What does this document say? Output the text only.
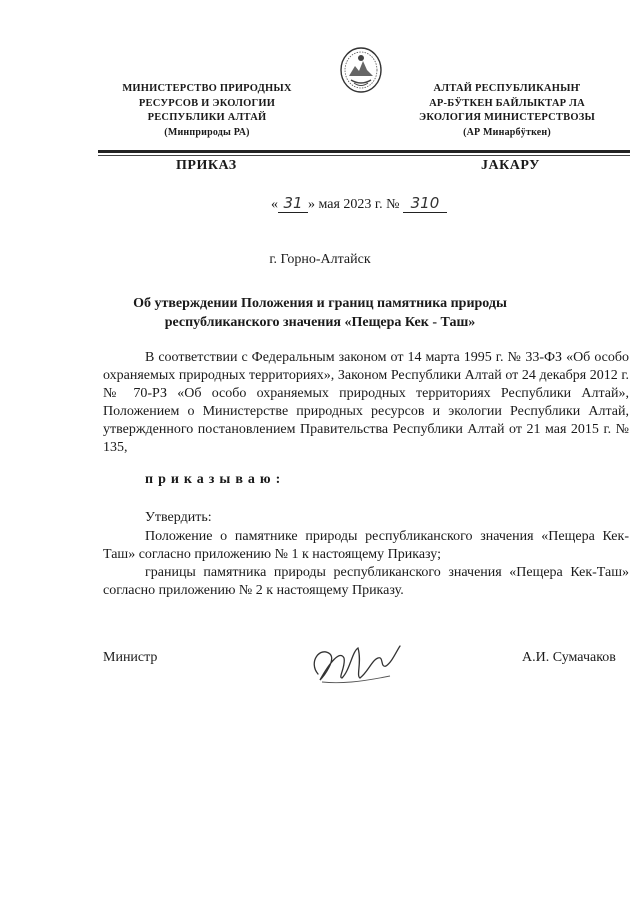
МИНИСТЕРСТВО ПРИРОДНЫХ
РЕСУРСОВ И ЭКОЛОГИИ
РЕСПУБЛИКИ АЛТАЙ
(Минприроды РА)
АЛТАЙ РЕСПУБЛИКАНЫҤ
АР-БӰТКЕН БАЙЛЫКТАР ЛА
ЭКОЛОГИЯ МИНИСТЕРСТВОЗЫ
(АР Минарбӱткен)
ПРИКАЗ	ЈАКАРУ
« 31 » мая 2023 г. № 310
г. Горно-Алтайск
Об утверждении Положения и границ памятника природы
республиканского значения «Пещера Кек - Таш»
В соответствии с Федеральным законом от 14 марта 1995 г. № 33-ФЗ «Об особо охраняемых природных территориях», Законом Республики Алтай от 24 декабря 2012 г. № 70-РЗ «Об особо охраняемых природных территориях Республики Алтай», Положением о Министерстве природных ресурсов и экологии Республики Алтай, утвержденного постановлением Правительства Республики Алтай от 21 мая 2015 г. № 135,
приказываю:
Утвердить:

Положение о памятнике природы республиканского значения «Пещера Кек-Таш» согласно приложению № 1 к настоящему Приказу;

границы памятника природы республиканского значения «Пещера Кек-Таш» согласно приложению № 2 к настоящему Приказу.

Министр	А.И. Сумачаков
